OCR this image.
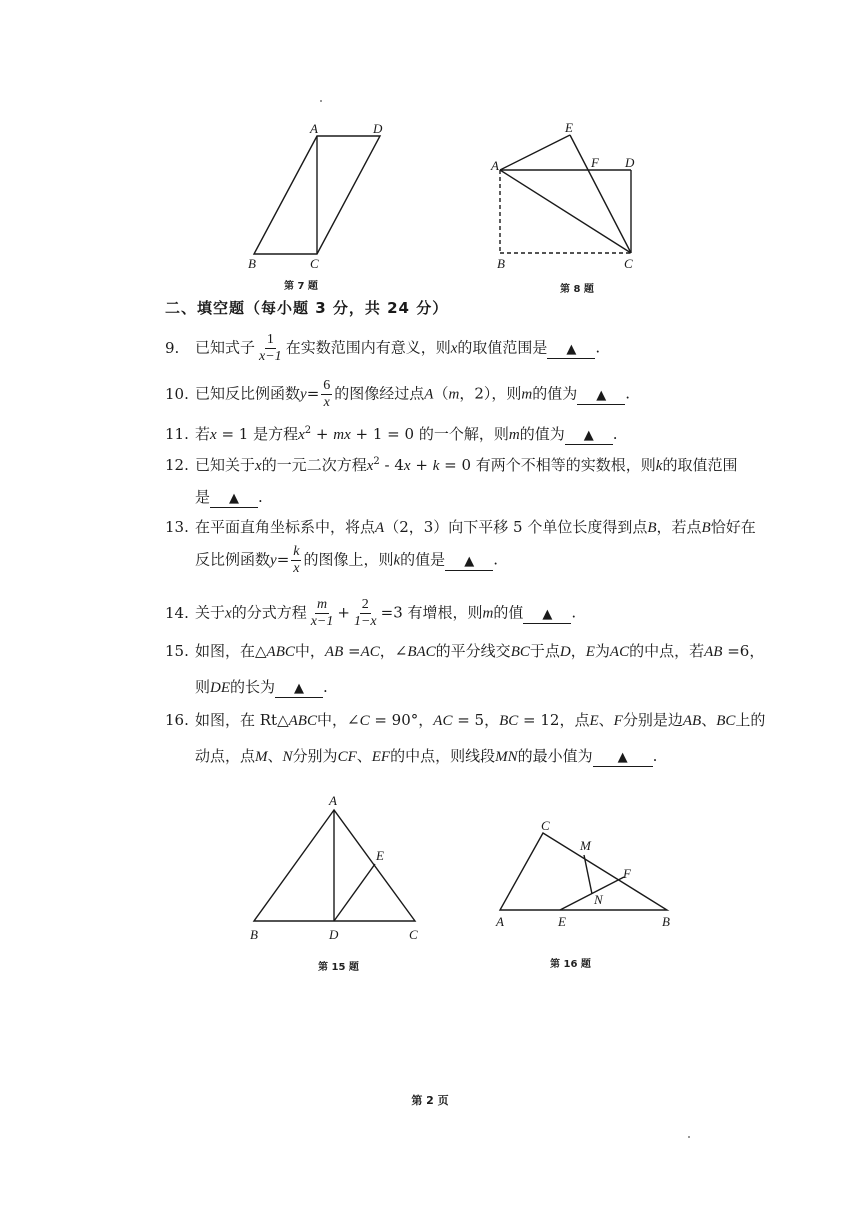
A	D
B	C
第 7 题
E
A	F D
B	C
第 8 题
二、填空题（每小题 3 分，共 24 分）
9. 已知式子 $\frac{1}{x-1}$ 在实数范围内有意义，则x的取值范围是 ▲ .
10. 已知反比例函数$y= \frac{6}{x}$ 的图像经过点A（m，2），则m的值为 ▲ .
11. 若x = 1 是方程$x^2$ + mx + 1 = 0 的一个解，则m的值为 ▲ .
12. 已知关于x的一元二次方程$x^2 - 4x + k = 0$ 有两个不相等的实数根，则k的取值范围
是 ▲ .
13. 在平面直角坐标系中，将点A（2，3）向下平移 5 个单位长度得到点B，若点B恰好在
反比例函数$y= \frac{k}{x}$ 的图像上，则k的值是 ▲ .
14. 关于x的分式方程 $\frac{m}{x-1} + \frac{2}{1-x} =3$ 有增根，则m的值 ▲ .
15. 如图，在△ABC中，AB =AC，∠BAC的平分线交BC于点D，E为AC的中点，若AB =6，
则DE的长为 ▲ .
16. 如图，在 Rt△ABC中，∠C = 90°，AC = 5，BC = 12，点E、F分别是边AB、BC上的
动点，点M、N分别为CF、EF的中点，则线段MN的最小值为 ▲ .
A
E
B	D	C
第 15 题
C
M
F
N
A	E	B
第 16 题
第 2 页
